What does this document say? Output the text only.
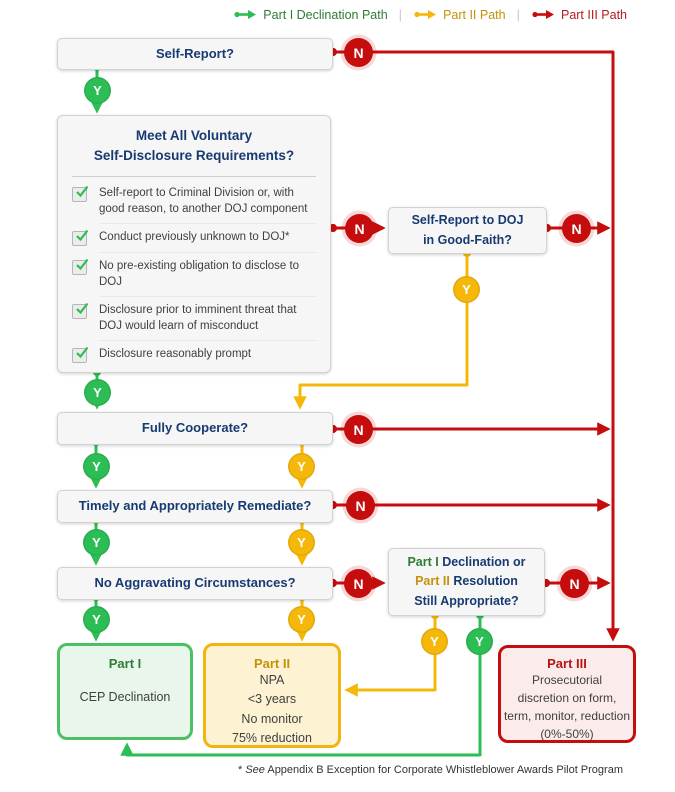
Part I Declination Path |	Part II Path |	Part III Path
Self-Report?
Meet All Voluntary
Self-Disclosure Requirements?
Self-report to Criminal Division or, with good reason, to another DOJ component
Conduct previously unknown to DOJ*
No pre-existing obligation to disclose to DOJ
Disclosure prior to imminent threat that DOJ would learn of misconduct
Disclosure reasonably prompt
Self-Report to DOJ
in Good-Faith?
Fully Cooperate?
Timely and Appropriately Remediate?
No Aggravating Circumstances?
Part I Declination or
Part II Resolution
Still Appropriate?
Part I
CEP Declination
Part II
NPA
<3 years
No monitor
75% reduction
Part III
Prosecutorial
discretion on form,
term, monitor, reduction
(0%-50%)
Y
Y
Y
Y
Y
Y
Y
Y
Y
Y
Y
N
N	N
N
N
N	N
* See Appendix B Exception for Corporate Whistleblower Awards Pilot Program
